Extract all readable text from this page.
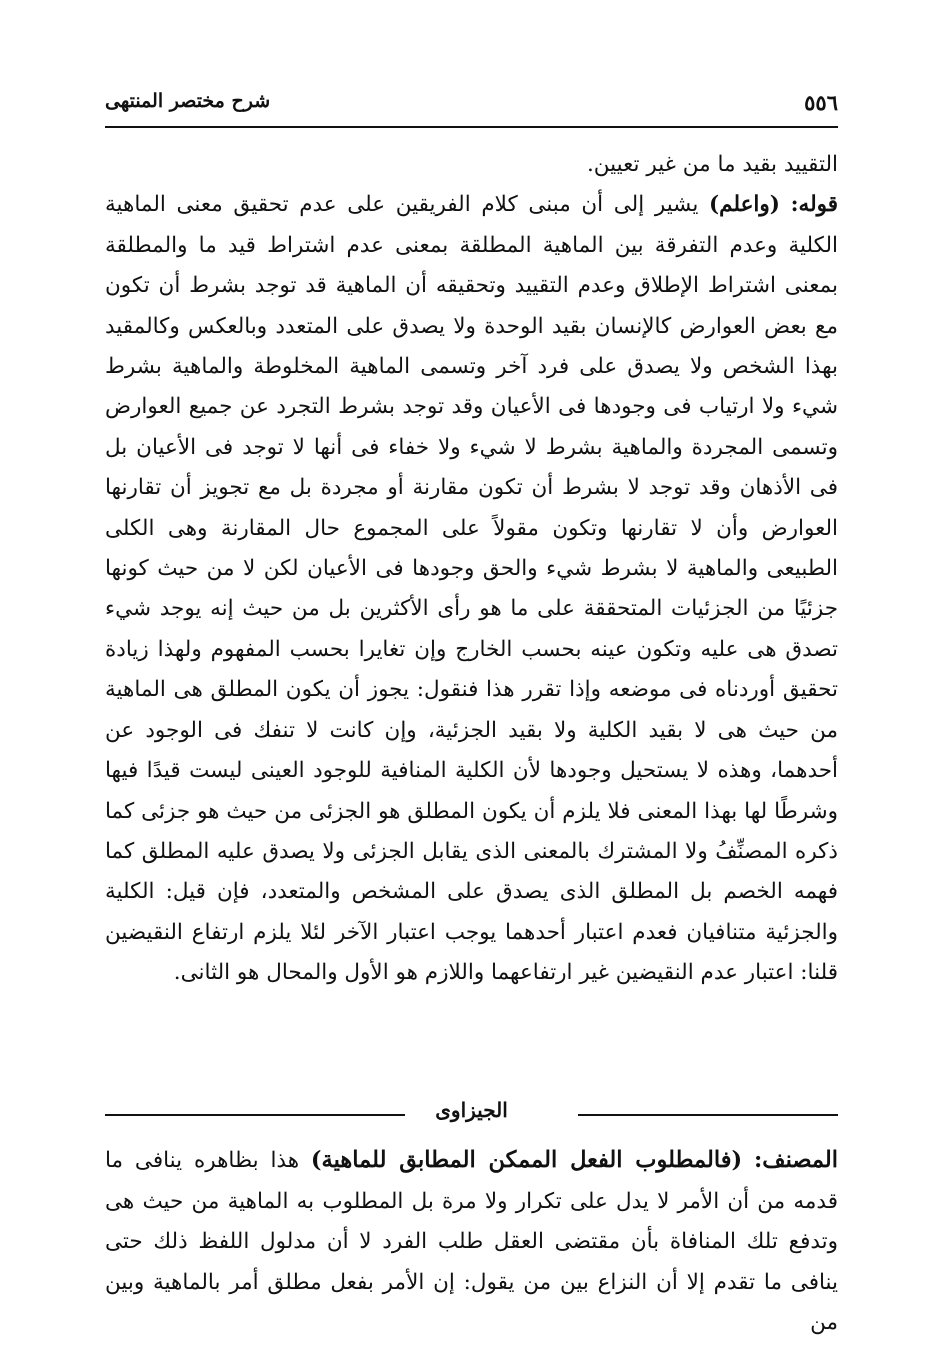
٥٥٦
شرح مختصر المنتهى

التقييد بقيد ما من غير تعيين.

قوله: (واعلم) يشير إلى أن مبنى كلام الفريقين على عدم تحقيق معنى الماهية الكلية وعدم التفرقة بين الماهية المطلقة بمعنى عدم اشتراط قيد ما والمطلقة بمعنى اشتراط الإطلاق وعدم التقييد وتحقيقه أن الماهية قد توجد بشرط أن تكون مع بعض العوارض كالإنسان بقيد الوحدة ولا يصدق على المتعدد وبالعكس وكالمقيد بهذا الشخص ولا يصدق على فرد آخر وتسمى الماهية المخلوطة والماهية بشرط شيء ولا ارتياب فى وجودها فى الأعيان وقد توجد بشرط التجرد عن جميع العوارض وتسمى المجردة والماهية بشرط لا شيء ولا خفاء فى أنها لا توجد فى الأعيان بل فى الأذهان وقد توجد لا بشرط أن تكون مقارنة أو مجردة بل مع تجويز أن تقارنها العوارض وأن لا تقارنها وتكون مقولاً على المجموع حال المقارنة وهى الكلى الطبيعى والماهية لا بشرط شيء والحق وجودها فى الأعيان لكن لا من حيث كونها جزئيًا من الجزئيات المتحققة على ما هو رأى الأكثرين بل من حيث إنه يوجد شيء تصدق هى عليه وتكون عينه بحسب الخارج وإن تغايرا بحسب المفهوم ولهذا زيادة تحقيق أوردناه فى موضعه وإذا تقرر هذا فنقول: يجوز أن يكون المطلق هى الماهية من حيث هى لا بقيد الكلية ولا بقيد الجزئية، وإن كانت لا تنفك فى الوجود عن أحدهما، وهذه لا يستحيل وجودها لأن الكلية المنافية للوجود العينى ليست قيدًا فيها وشرطًا لها بهذا المعنى فلا يلزم أن يكون المطلق هو الجزئى من حيث هو جزئى كما ذكره المصنِّفُ ولا المشترك بالمعنى الذى يقابل الجزئى ولا يصدق عليه المطلق كما فهمه الخصم بل المطلق الذى يصدق على المشخص والمتعدد، فإن قيل: الكلية والجزئية متنافيان فعدم اعتبار أحدهما يوجب اعتبار الآخر لئلا يلزم ارتفاع النقيضين قلنا: اعتبار عدم النقيضين غير ارتفاعهما واللازم هو الأول والمحال هو الثانى.

الجيزاوى

المصنف: (فالمطلوب الفعل الممكن المطابق للماهية) هذا بظاهره ينافى ما قدمه من أن الأمر لا يدل على تكرار ولا مرة بل المطلوب به الماهية من حيث هى وتدفع تلك المنافاة بأن مقتضى العقل طلب الفرد لا أن مدلول اللفظ ذلك حتى ينافى ما تقدم إلا أن النزاع بين من يقول: إن الأمر بفعل مطلق أمر بالماهية وبين من
